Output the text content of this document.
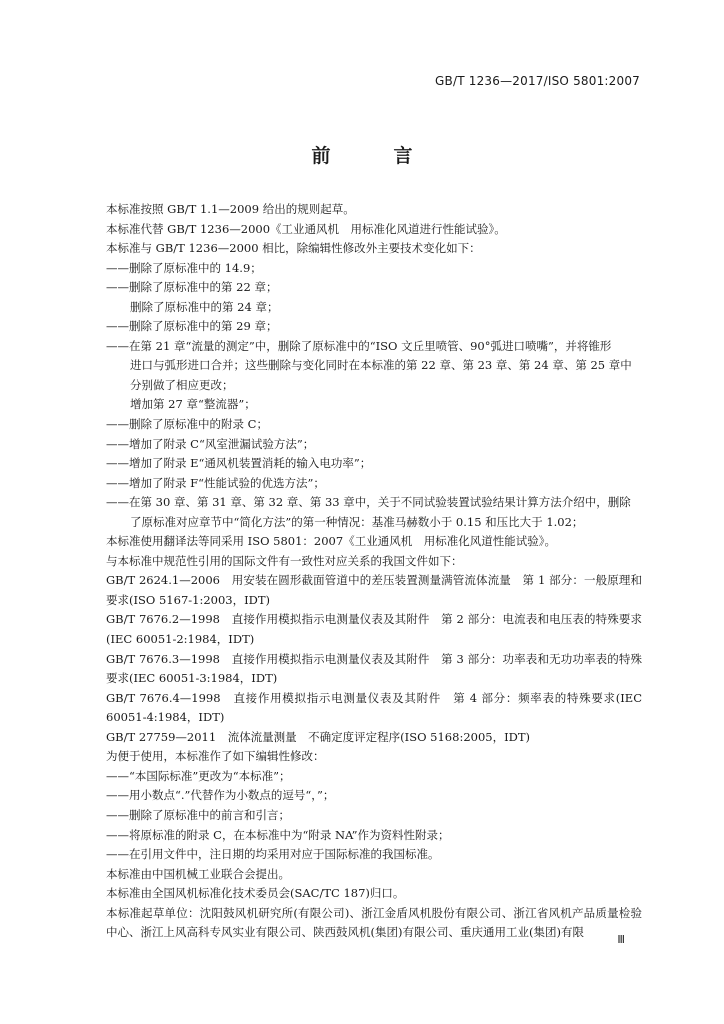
GB/T 1236—2017/ISO 5801:2007
前　言

本标准按照 GB/T 1.1—2009 给出的规则起草。

本标准代替 GB/T 1236—2000《工业通风机　用标准化风道进行性能试验》。

本标准与 GB/T 1236—2000 相比，除编辑性修改外主要技术变化如下：

——删除了原标准中的 14.9；

——删除了原标准中的第 22 章；

删除了原标准中的第 24 章；

——删除了原标准中的第 29 章；

——在第 21 章“流量的测定”中，删除了原标准中的“ISO 文丘里喷管、90°弧进口喷嘴”，并将锥形

进口与弧形进口合并；这些删除与变化同时在本标准的第 22 章、第 23 章、第 24 章、第 25 章中

分别做了相应更改；

增加第 27 章“整流器”；

——删除了原标准中的附录 C；

——增加了附录 C“风室泄漏试验方法”；

——增加了附录 E“通风机装置消耗的输入电功率”；

——增加了附录 F“性能试验的优选方法”；

——在第 30 章、第 31 章、第 32 章、第 33 章中，关于不同试验装置试验结果计算方法介绍中，删除

了原标准对应章节中“简化方法”的第一种情况：基准马赫数小于 0.15 和压比大于 1.02；

本标准使用翻译法等同采用 ISO 5801：2007《工业通风机　用标准化风道性能试验》。

与本标准中规范性引用的国际文件有一致性对应关系的我国文件如下：

GB/T 2624.1—2006　用安装在圆形截面管道中的差压装置测量满管流体流量　第 1 部分：一般原理和要求(ISO 5167-1:2003，IDT)

GB/T 7676.2—1998　直接作用模拟指示电测量仪表及其附件　第 2 部分：电流表和电压表的特殊要求(IEC 60051-2:1984，IDT)

GB/T 7676.3—1998　直接作用模拟指示电测量仪表及其附件　第 3 部分：功率表和无功功率表的特殊要求(IEC 60051-3:1984，IDT)

GB/T 7676.4—1998　直接作用模拟指示电测量仪表及其附件　第 4 部分：频率表的特殊要求(IEC 60051-4:1984，IDT)

GB/T 27759—2011　流体流量测量　不确定度评定程序(ISO 5168:2005，IDT)

为便于使用，本标准作了如下编辑性修改：

——“本国际标准”更改为“本标准”；

——用小数点“.”代替作为小数点的逗号“，”；

——删除了原标准中的前言和引言；

——将原标准的附录 C，在本标准中为“附录 NA”作为资料性附录；

——在引用文件中，注日期的均采用对应于国际标准的我国标准。

本标准由中国机械工业联合会提出。

本标准由全国风机标准化技术委员会(SAC/TC 187)归口。

本标准起草单位：沈阳鼓风机研究所(有限公司)、浙江金盾风机股份有限公司、浙江省风机产品质量检验中心、浙江上风高科专风实业有限公司、陕西鼓风机(集团)有限公司、重庆通用工业(集团)有限

Ⅲ
